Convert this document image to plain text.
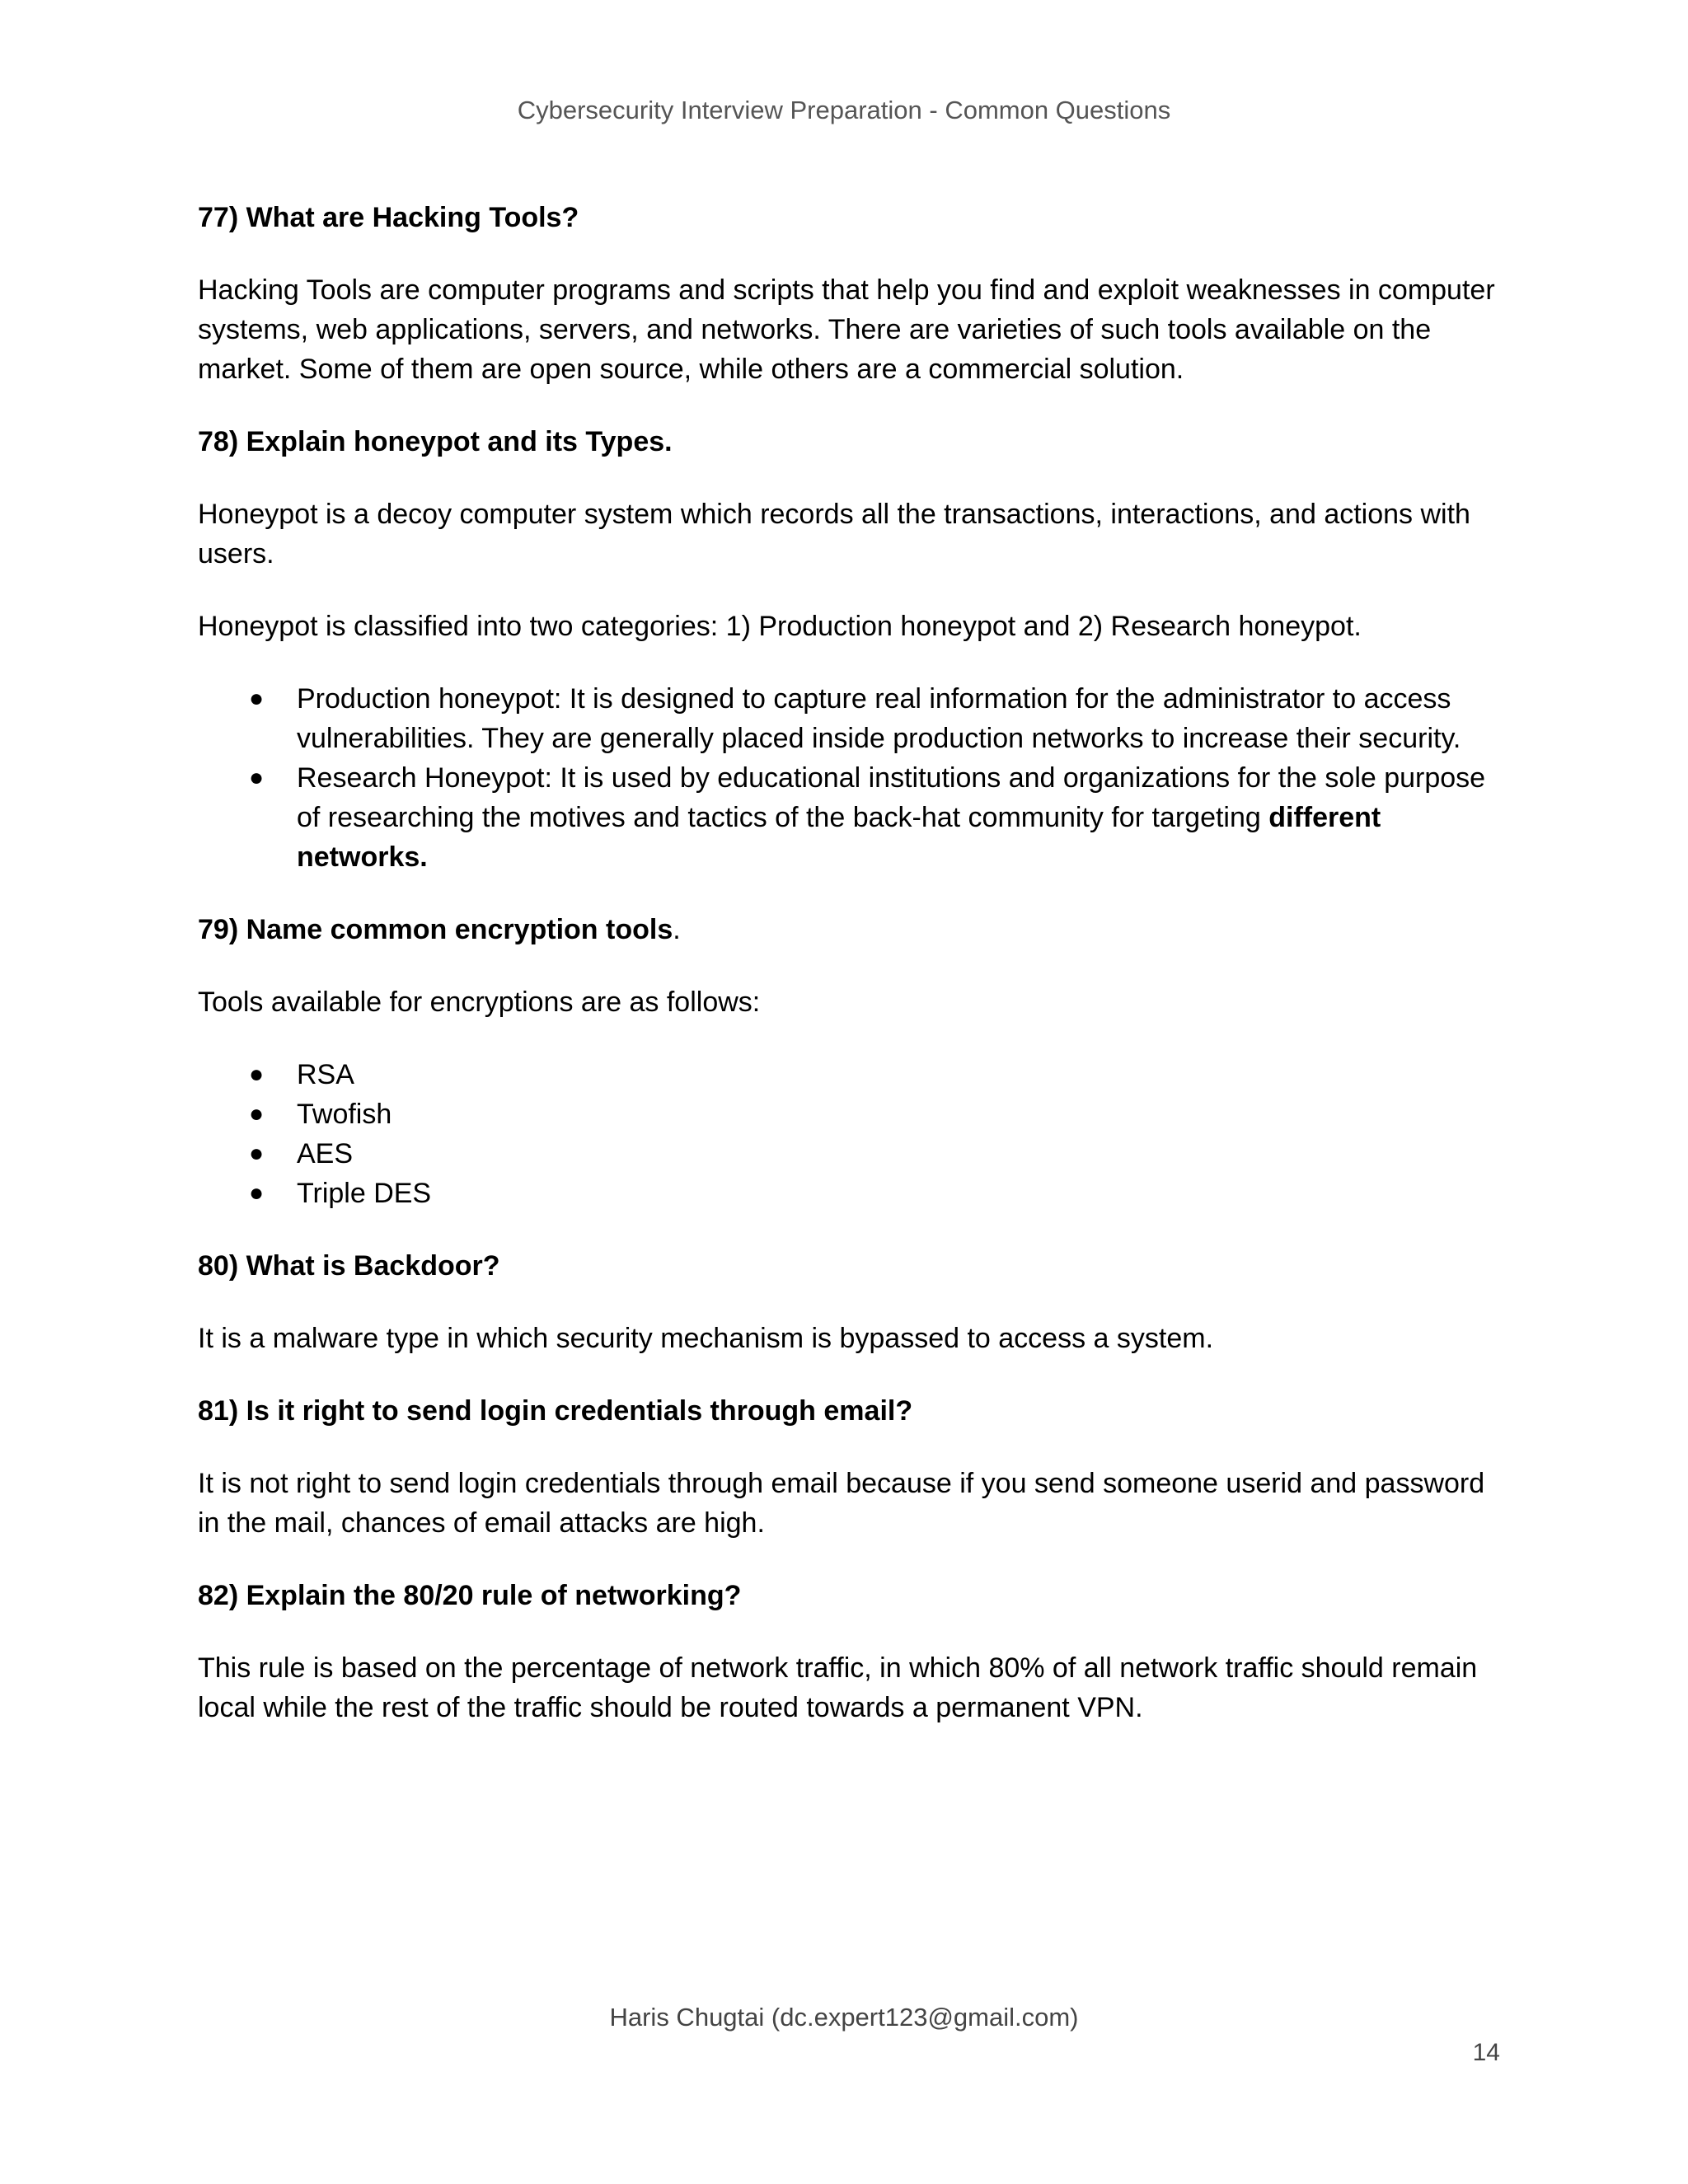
Cybersecurity Interview Preparation - Common Questions
77) What are Hacking Tools?
Hacking Tools are computer programs and scripts that help you find and exploit weaknesses in computer systems, web applications, servers, and networks. There are varieties of such tools available on the market. Some of them are open source, while others are a commercial solution.
78) Explain honeypot and its Types.
Honeypot is a decoy computer system which records all the transactions, interactions, and actions with users.
Honeypot is classified into two categories: 1) Production honeypot and 2) Research honeypot.
● Production honeypot: It is designed to capture real information for the administrator to access vulnerabilities. They are generally placed inside production networks to increase their security.
● Research Honeypot: It is used by educational institutions and organizations for the sole purpose of researching the motives and tactics of the back-hat community for targeting different networks.
79) Name common encryption tools.
Tools available for encryptions are as follows:
● RSA
● Twofish
● AES
● Triple DES
80) What is Backdoor?
It is a malware type in which security mechanism is bypassed to access a system.
81) Is it right to send login credentials through email?
It is not right to send login credentials through email because if you send someone userid and password in the mail, chances of email attacks are high.
82) Explain the 80/20 rule of networking?
This rule is based on the percentage of network traffic, in which 80% of all network traffic should remain local while the rest of the traffic should be routed towards a permanent VPN.
Haris Chugtai (dc.expert123@gmail.com)
14
